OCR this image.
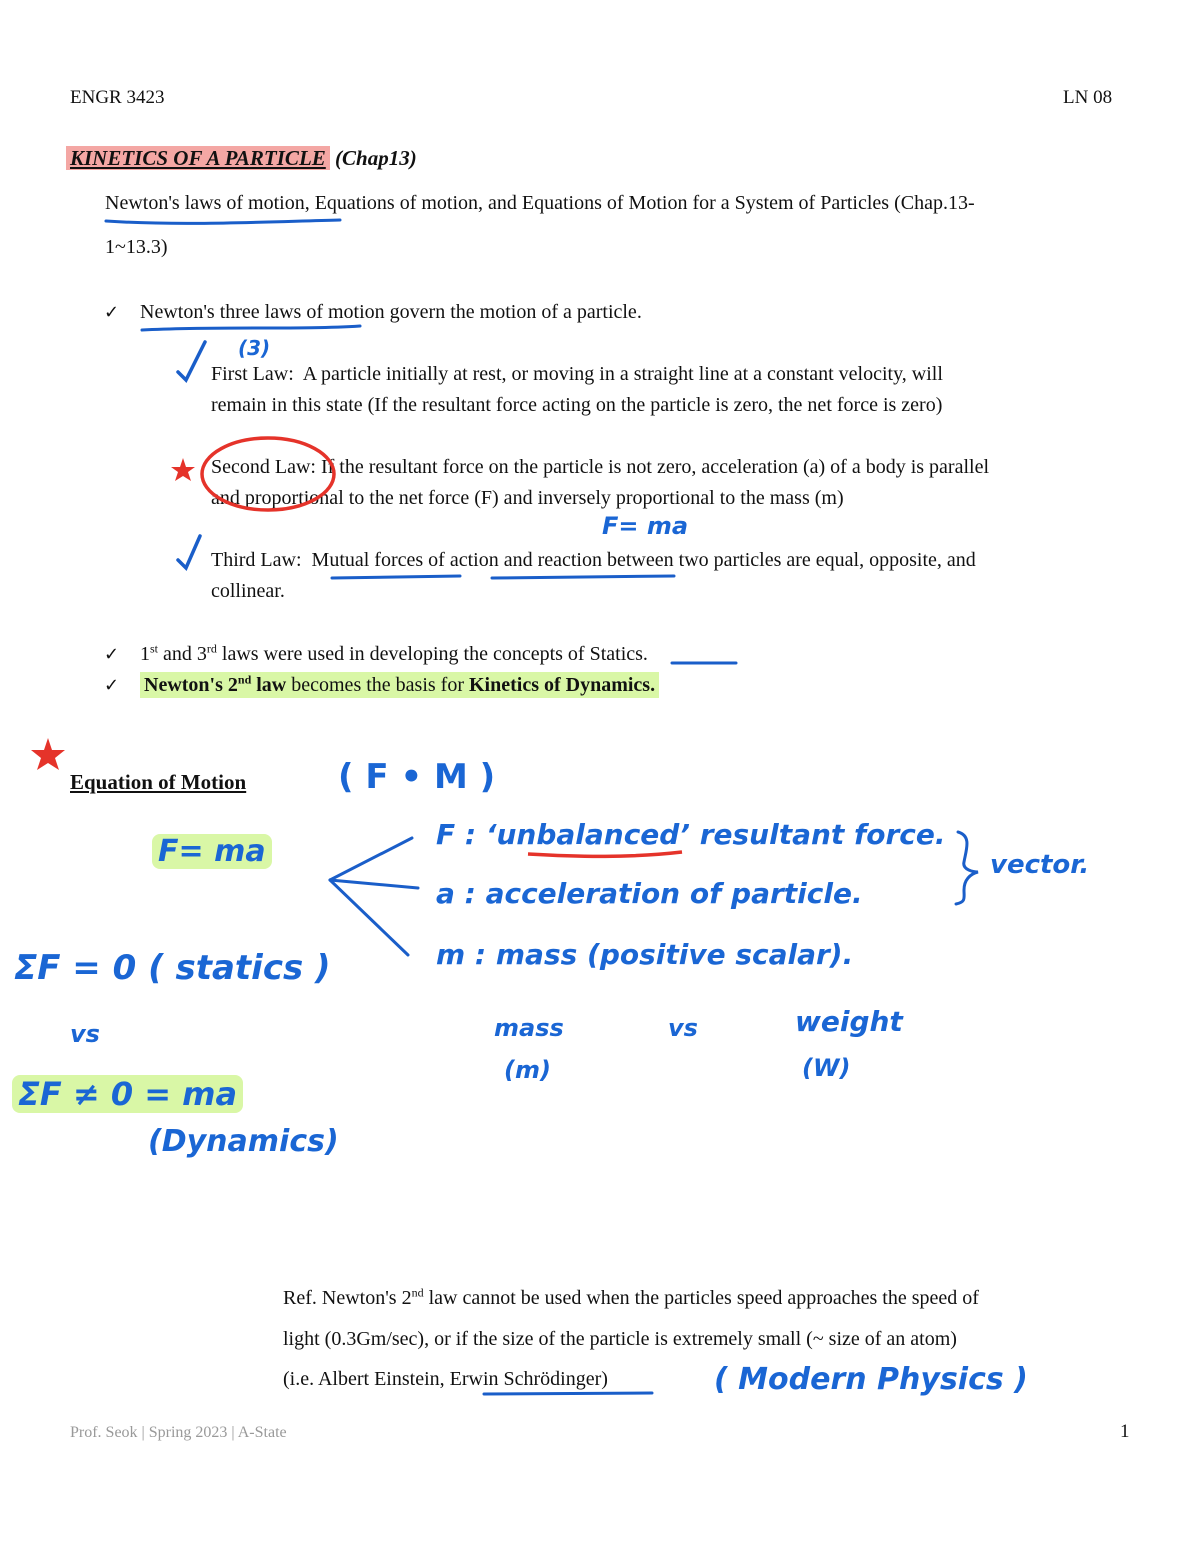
ENGR 3423	LN 08
KINETICS OF A PARTICLE (Chap13)
Newton's laws of motion, Equations of motion, and Equations of Motion for a System of Particles (Chap.13-
1~13.3)
✓ Newton's three laws of motion govern the motion of a particle.
First Law: A particle initially at rest, or moving in a straight line at a constant velocity, will
remain in this state (If the resultant force acting on the particle is zero, the net force is zero)
Second Law: If the resultant force on the particle is not zero, acceleration (a) of a body is parallel
and proportional to the net force (F) and inversely proportional to the mass (m)
Third Law: Mutual forces of action and reaction between two particles are equal, opposite, and
collinear.
✓ 1st and 3rd laws were used in developing the concepts of Statics.
✓ Newton's 2nd law becomes the basis for Kinetics of Dynamics.
Equation of Motion
(3)
F= ma
( F • M )
F= ma	F : ʻunbalancedʼ resultant force.
a : acceleration of particle.
m : mass (positive scalar).
vector.
ΣF = 0 ( statics )
vs
ΣF ≠ 0 = ma
(Dynamics)
mass
(m)
vs	weight
(W)
( Modern Physics )
Ref. Newton's 2nd law cannot be used when the particles speed approaches the speed of
light (0.3Gm/sec), or if the size of the particle is extremely small (~ size of an atom)
(i.e. Albert Einstein, Erwin Schrödinger)
Prof. Seok | Spring 2023 | A-State	1
